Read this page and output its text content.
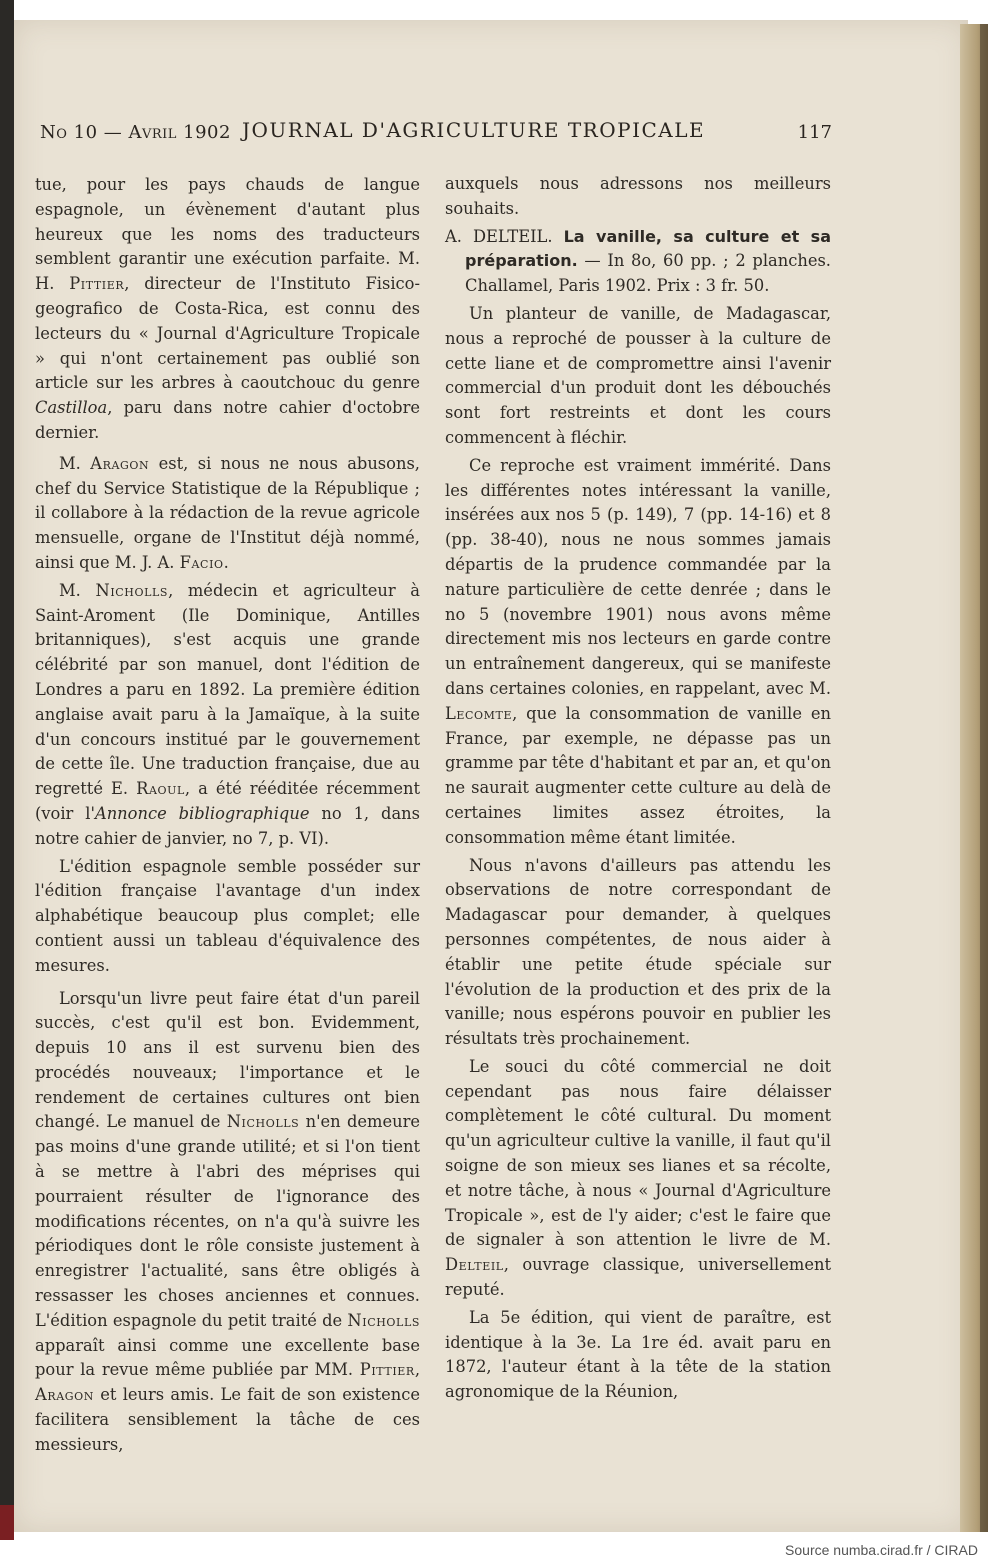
No 10 — Avril 1902 JOURNAL D'AGRICULTURE TROPICALE	117

tue, pour les pays chauds de langue espagnole, un évènement d'autant plus heureux que les noms des traducteurs semblent garantir une exécution parfaite. M. H. Pittier, directeur de l'Instituto Fisico-geografico de Costa-Rica, est connu des lecteurs du « Journal d'Agriculture Tropicale » qui n'ont certainement pas oublié son article sur les arbres à caoutchouc du genre Castilloa, paru dans notre cahier d'octobre dernier.

M. Aragon est, si nous ne nous abusons, chef du Service Statistique de la République ; il collabore à la rédaction de la revue agricole mensuelle, organe de l'Institut déjà nommé, ainsi que M. J. A. Facio.

M. Nicholls, médecin et agriculteur à Saint-Aroment (Ile Dominique, Antilles britanniques), s'est acquis une grande célébrité par son manuel, dont l'édition de Londres a paru en 1892. La première édition anglaise avait paru à la Jamaïque, à la suite d'un concours institué par le gouvernement de cette île. Une traduction française, due au regretté E. Raoul, a été rééditée récemment (voir l'Annonce bibliographique no 1, dans notre cahier de janvier, no 7, p. VI).

L'édition espagnole semble posséder sur l'édition française l'avantage d'un index alphabétique beaucoup plus complet; elle contient aussi un tableau d'équivalence des mesures.

Lorsqu'un livre peut faire état d'un pareil succès, c'est qu'il est bon. Evidemment, depuis 10 ans il est survenu bien des procédés nouveaux; l'importance et le rendement de certaines cultures ont bien changé. Le manuel de Nicholls n'en demeure pas moins d'une grande utilité; et si l'on tient à se mettre à l'abri des méprises qui pourraient résulter de l'ignorance des modifications récentes, on n'a qu'à suivre les périodiques dont le rôle consiste justement à enregistrer l'actualité, sans être obligés à ressasser les choses anciennes et connues. L'édition espagnole du petit traité de Nicholls apparaît ainsi comme une excellente base pour la revue même publiée par MM. Pittier, Aragon et leurs amis. Le fait de son existence facilitera sensiblement la tâche de ces messieurs,

auxquels nous adressons nos meilleurs souhaits.

A. DELTEIL. La vanille, sa culture et sa préparation. — In 8o, 60 pp. ; 2 planches. Challamel, Paris 1902. Prix : 3 fr. 50.

Un planteur de vanille, de Madagascar, nous a reproché de pousser à la culture de cette liane et de compromettre ainsi l'avenir commercial d'un produit dont les débouchés sont fort restreints et dont les cours commencent à fléchir.

Ce reproche est vraiment immérité. Dans les différentes notes intéressant la vanille, insérées aux nos 5 (p. 149), 7 (pp. 14-16) et 8 (pp. 38-40), nous ne nous sommes jamais départis de la prudence commandée par la nature particulière de cette denrée ; dans le no 5 (novembre 1901) nous avons même directement mis nos lecteurs en garde contre un entraînement dangereux, qui se manifeste dans certaines colonies, en rappelant, avec M. Lecomte, que la consommation de vanille en France, par exemple, ne dépasse pas un gramme par tête d'habitant et par an, et qu'on ne saurait augmenter cette culture au delà de certaines limites assez étroites, la consommation même étant limitée.

Nous n'avons d'ailleurs pas attendu les observations de notre correspondant de Madagascar pour demander, à quelques personnes compétentes, de nous aider à établir une petite étude spéciale sur l'évolution de la production et des prix de la vanille; nous espérons pouvoir en publier les résultats très prochainement.

Le souci du côté commercial ne doit cependant pas nous faire délaisser complètement le côté cultural. Du moment qu'un agriculteur cultive la vanille, il faut qu'il soigne de son mieux ses lianes et sa récolte, et notre tâche, à nous « Journal d'Agriculture Tropicale », est de l'y aider; c'est le faire que de signaler à son attention le livre de M. Delteil, ouvrage classique, universellement reputé.

La 5e édition, qui vient de paraître, est identique à la 3e. La 1re éd. avait paru en 1872, l'auteur étant à la tête de la station agronomique de la Réunion,

Source numba.cirad.fr / CIRAD
